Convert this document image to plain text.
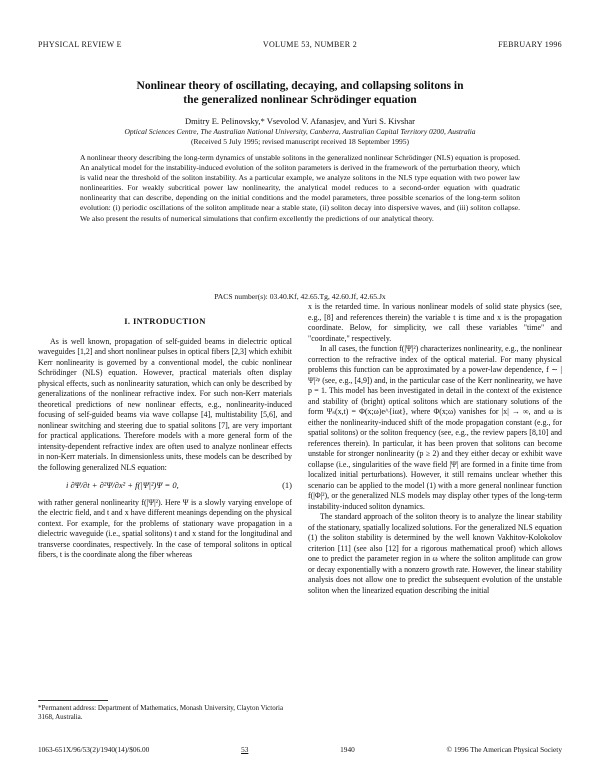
PHYSICAL REVIEW E	VOLUME 53, NUMBER 2	FEBRUARY 1996
Nonlinear theory of oscillating, decaying, and collapsing solitons in
the generalized nonlinear Schrödinger equation
Dmitry E. Pelinovsky,* Vsevolod V. Afanasjev, and Yuri S. Kivshar
Optical Sciences Centre, The Australian National University, Canberra, Australian Capital Territory 0200, Australia
(Received 5 July 1995; revised manuscript received 18 September 1995)
A nonlinear theory describing the long-term dynamics of unstable solitons in the generalized nonlinear Schrödinger (NLS) equation is proposed. An analytical model for the instability-induced evolution of the soliton parameters is derived in the framework of the perturbation theory, which is valid near the threshold of the soliton instability. As a particular example, we analyze solitons in the NLS type equation with two power law nonlinearities. For weakly subcritical power law nonlinearity, the analytical model reduces to a second-order equation with quadratic nonlinearity that can describe, depending on the initial conditions and the model parameters, three possible scenarios of the long-term soliton evolution: (i) periodic oscillations of the soliton amplitude near a stable state, (ii) soliton decay into dispersive waves, and (iii) soliton collapse. We also present the results of numerical simulations that confirm excellently the predictions of our analytical theory.
PACS number(s): 03.40.Kf, 42.65.Tg, 42.60.Jf, 42.65.Jx
I. INTRODUCTION

As is well known, propagation of self-guided beams in dielectric optical waveguides [1,2] and short nonlinear pulses in optical fibers [2,3] which exhibit Kerr nonlinearity is governed by a conventional model, the cubic nonlinear Schrödinger (NLS) equation. However, practical materials often display physical effects, such as nonlinearity saturation, which can only be described by generalizations of the nonlinear refractive index. For such non-Kerr materials theoretical predictions of new nonlinear effects, e.g., nonlinearity-induced focusing of self-guided beams via wave collapse [4], multistability [5,6], and nonlinear switching and steering due to spatial solitons [7], are very important for practical applications. Therefore models with a more general form of the intensity-dependent refractive index are often used to analyze nonlinear effects in non-Kerr materials. In dimensionless units, these models can be described by the following generalized NLS equation:

i ∂Ψ/∂t + ∂²Ψ/∂x² + f(|Ψ|²)Ψ = 0,	(1)

with rather general nonlinearity f(|Ψ|²). Here Ψ is a slowly varying envelope of the electric field, and t and x have different meanings depending on the physical context. For example, for the problems of stationary wave propagation in a dielectric waveguide (i.e., spatial solitons) t and x stand for the longitudinal and transverse coordinates, respectively. In the case of temporal solitons in optical fibers, t is the coordinate along the fiber whereas

x is the retarded time. In various nonlinear models of solid state physics (see, e.g., [8] and references therein) the variable t is time and x is the propagation coordinate. Below, for simplicity, we call these variables "time" and "coordinate," respectively.

In all cases, the function f(|Ψ|²) characterizes nonlinearity, e.g., the nonlinear correction to the refractive index of the optical material. For many physical problems this function can be approximated by a power-law dependence, f ∼ |Ψ|²ᵖ (see, e.g., [4,9]) and, in the particular case of the Kerr nonlinearity, we have p = 1. This model has been investigated in detail in the context of the existence and stability of (bright) optical solitons which are stationary solutions of the form Ψₛ(x,t) = Φ(x;ω)e^{iωt}, where Φ(x;ω) vanishes for |x| → ∞, and ω is either the nonlinearity-induced shift of the mode propagation constant (e.g., for spatial solitons) or the soliton frequency (see, e.g., the review papers [8,10] and references therein). In particular, it has been proven that solitons can become unstable for stronger nonlinearity (p ≥ 2) and they either decay or exhibit wave collapse (i.e., singularities of the wave field |Ψ| are formed in a finite time from localized initial perturbations). However, it still remains unclear whether this scenario can be applied to the model (1) with a more general nonlinear function f(|Φ|²), or the generalized NLS models may display other types of the long-term instability-induced soliton dynamics.

The standard approach of the soliton theory is to analyze the linear stability of the stationary, spatially localized solutions. For the generalized NLS equation (1) the soliton stability is determined by the well known Vakhitov-Kolokolov criterion [11] (see also [12] for a rigorous mathematical proof) which allows one to predict the parameter region in ω where the soliton amplitude can grow or decay exponentially with a nonzero growth rate. However, the linear stability analysis does not allow one to predict the subsequent evolution of the unstable soliton when the linearized equation describing the initial

*Permanent address: Department of Mathematics, Monash University, Clayton Victoria 3168, Australia.
1063-651X/96/53(2)/1940(14)/$06.00	53	1940	© 1996 The American Physical Society
